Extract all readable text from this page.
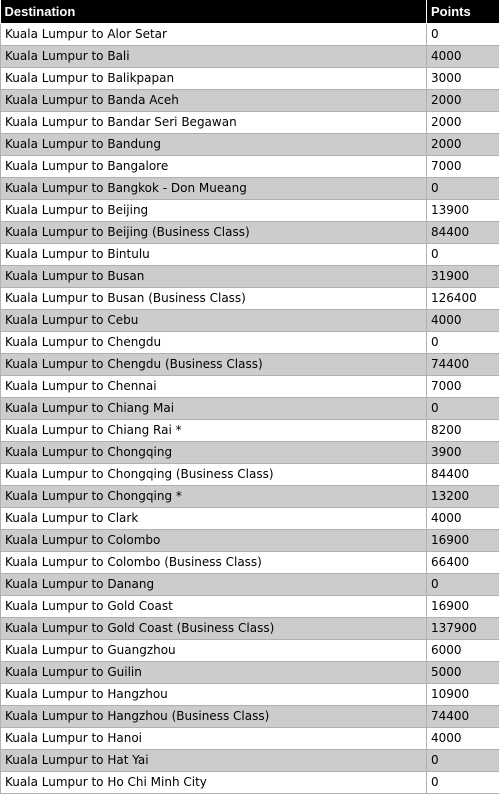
Destination	Points
Kuala Lumpur to Alor Setar	0
Kuala Lumpur to Bali	4000
Kuala Lumpur to Balikpapan	3000
Kuala Lumpur to Banda Aceh	2000
Kuala Lumpur to Bandar Seri Begawan	2000
Kuala Lumpur to Bandung	2000
Kuala Lumpur to Bangalore	7000
Kuala Lumpur to Bangkok - Don Mueang	0
Kuala Lumpur to Beijing	13900
Kuala Lumpur to Beijing (Business Class)	84400
Kuala Lumpur to Bintulu	0
Kuala Lumpur to Busan	31900
Kuala Lumpur to Busan (Business Class)	126400
Kuala Lumpur to Cebu	4000
Kuala Lumpur to Chengdu	0
Kuala Lumpur to Chengdu (Business Class)	74400
Kuala Lumpur to Chennai	7000
Kuala Lumpur to Chiang Mai	0
Kuala Lumpur to Chiang Rai *	8200
Kuala Lumpur to Chongqing	3900
Kuala Lumpur to Chongqing (Business Class)	84400
Kuala Lumpur to Chongqing *	13200
Kuala Lumpur to Clark	4000
Kuala Lumpur to Colombo	16900
Kuala Lumpur to Colombo (Business Class)	66400
Kuala Lumpur to Danang	0
Kuala Lumpur to Gold Coast	16900
Kuala Lumpur to Gold Coast (Business Class)	137900
Kuala Lumpur to Guangzhou	6000
Kuala Lumpur to Guilin	5000
Kuala Lumpur to Hangzhou	10900
Kuala Lumpur to Hangzhou (Business Class)	74400
Kuala Lumpur to Hanoi	4000
Kuala Lumpur to Hat Yai	0
Kuala Lumpur to Ho Chi Minh City	0
